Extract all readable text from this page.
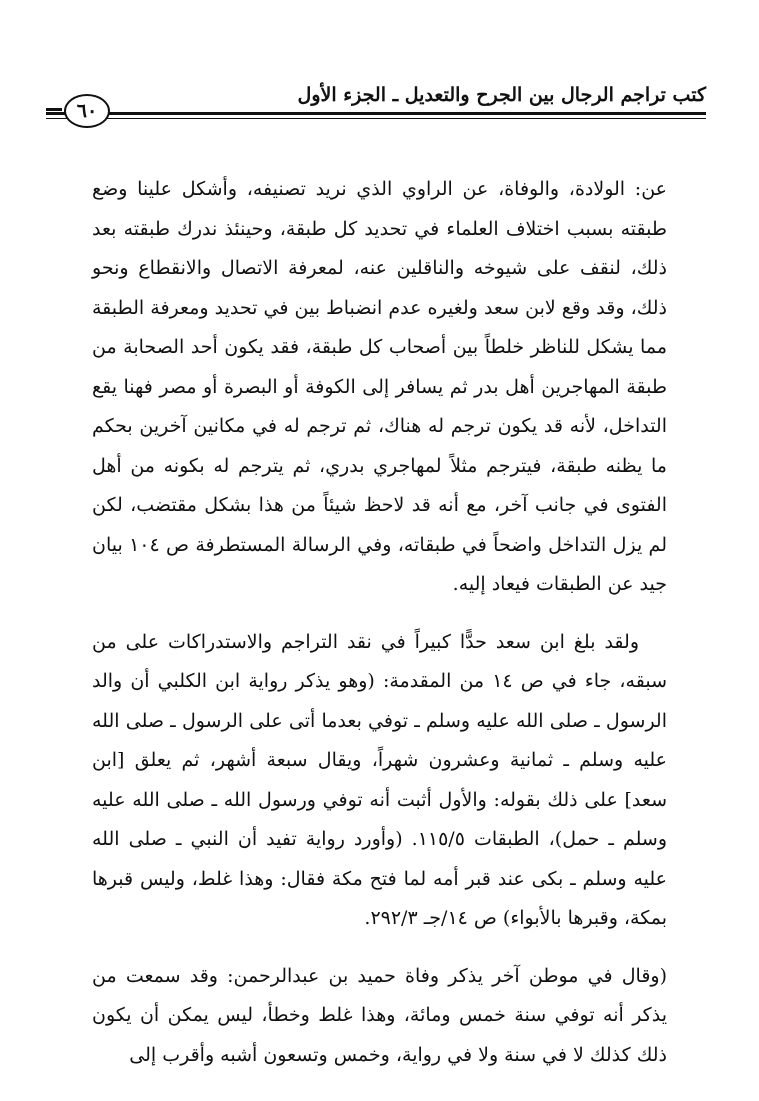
كتب تراجم الرجال بين الجرح والتعديل ـ الجزء الأول
٦٠

عن: الولادة، والوفاة، عن الراوي الذي نريد تصنيفه، وأشكل علينا وضع طبقته بسبب اختلاف العلماء في تحديد كل طبقة، وحينئذ ندرك طبقته بعد ذلك، لنقف على شيوخه والناقلين عنه، لمعرفة الاتصال والانقطاع ونحو ذلك، وقد وقع لابن سعد ولغيره عدم انضباط بين في تحديد ومعرفة الطبقة مما يشكل للناظر خلطاً بين أصحاب كل طبقة، فقد يكون أحد الصحابة من طبقة المهاجرين أهل بدر ثم يسافر إلى الكوفة أو البصرة أو مصر فهنا يقع التداخل، لأنه قد يكون ترجم له هناك، ثم ترجم له في مكانين آخرين بحكم ما يظنه طبقة، فيترجم مثلاً لمهاجري بدري، ثم يترجم له بكونه من أهل الفتوى في جانب آخر، مع أنه قد لاحظ شيئاً من هذا بشكل مقتضب، لكن لم يزل التداخل واضحاً في طبقاته، وفي الرسالة المستطرفة ص ١٠٤ بيان جيد عن الطبقات فيعاد إليه.

ولقد بلغ ابن سعد حدًّا كبيراً في نقد التراجم والاستدراكات على من سبقه، جاء في ص ١٤ من المقدمة: (وهو يذكر رواية ابن الكلبي أن والد الرسول ـ صلى الله عليه وسلم ـ توفي بعدما أتى على الرسول ـ صلى الله عليه وسلم ـ ثمانية وعشرون شهراً، ويقال سبعة أشهر، ثم يعلق [ابن سعد] على ذلك بقوله: والأول أثبت أنه توفي ورسول الله ـ صلى الله عليه وسلم ـ حمل)، الطبقات ١١٥/٥. (وأورد رواية تفيد أن النبي ـ صلى الله عليه وسلم ـ بكى عند قبر أمه لما فتح مكة فقال: وهذا غلط، وليس قبرها بمكة، وقبرها بالأبواء) ص ١٤/جـ ٢٩٢/٣.

(وقال في موطن آخر يذكر وفاة حميد بن عبدالرحمن: وقد سمعت من يذكر أنه توفي سنة خمس ومائة، وهذا غلط وخطأ، ليس يمكن أن يكون ذلك كذلك لا في سنة ولا في رواية، وخمس وتسعون أشبه وأقرب إلى
